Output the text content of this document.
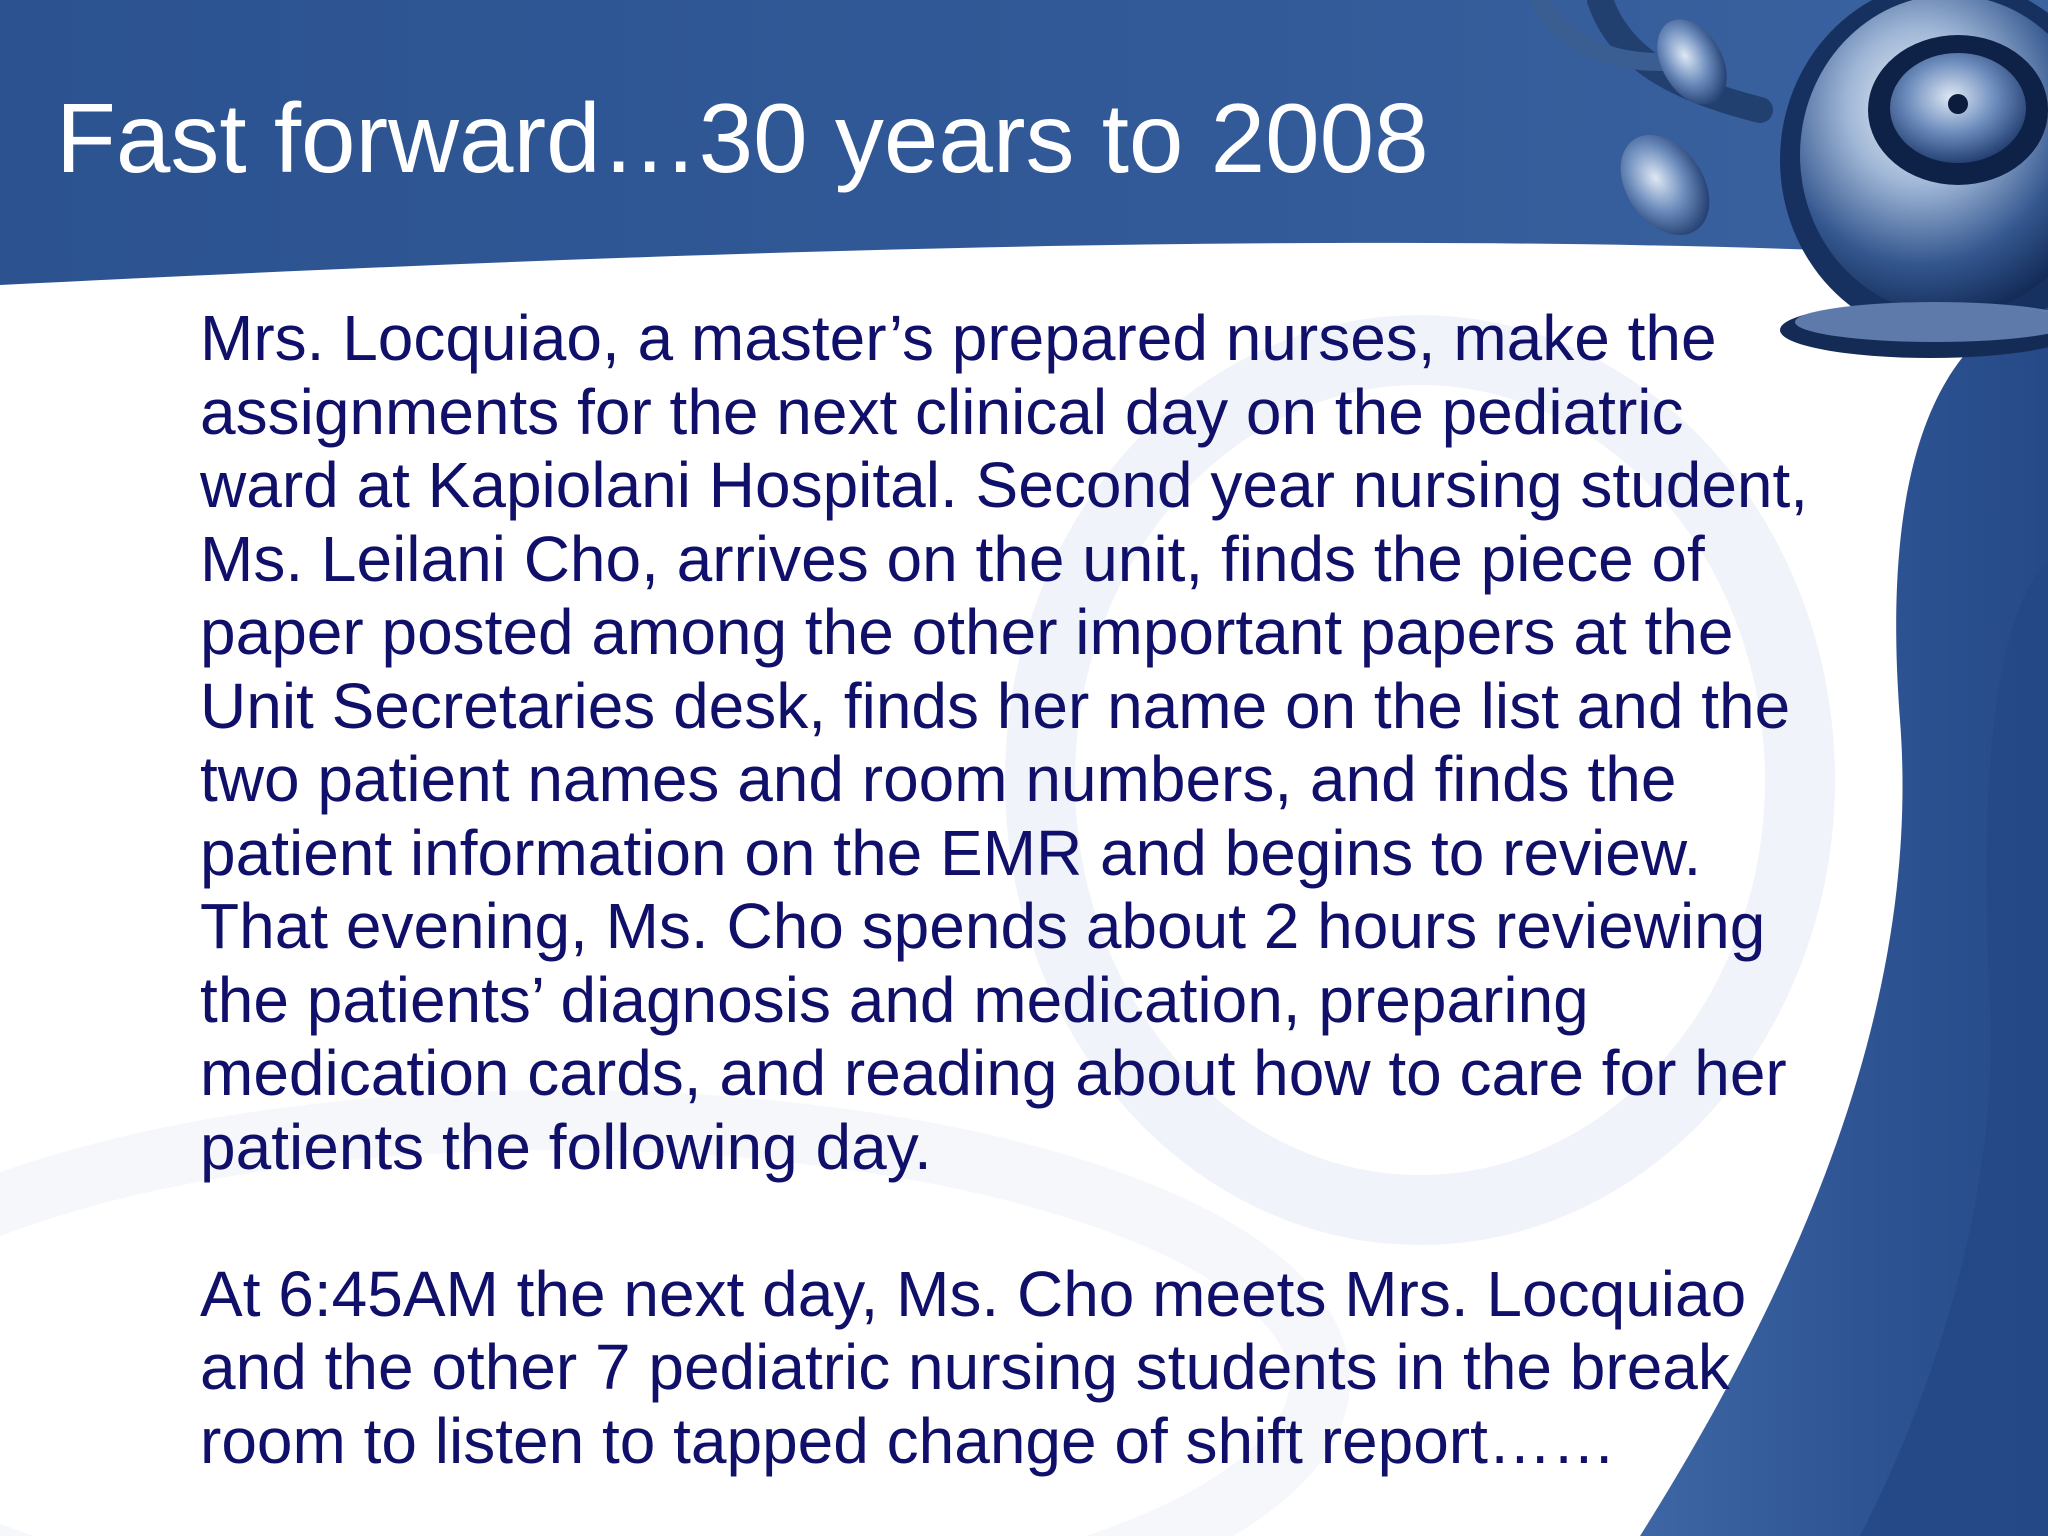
Fast forward…30 years to 2008
Mrs. Locquiao, a master’s prepared nurses, make the
assignments for the next clinical day on the pediatric
ward at Kapiolani Hospital. Second year nursing student,
Ms. Leilani Cho, arrives on the unit, finds the piece of
paper posted among the other important papers at the
Unit Secretaries desk, finds her name on the list and the
two patient names and room numbers, and finds the
patient information on the EMR and begins to review.
That evening, Ms. Cho spends about 2 hours reviewing
the patients’ diagnosis and medication, preparing
medication cards, and reading about how to care for her
patients the following day.
At 6:45AM the next day, Ms. Cho meets Mrs. Locquiao
and the other 7 pediatric nursing students in the break
room to listen to tapped change of shift report……
